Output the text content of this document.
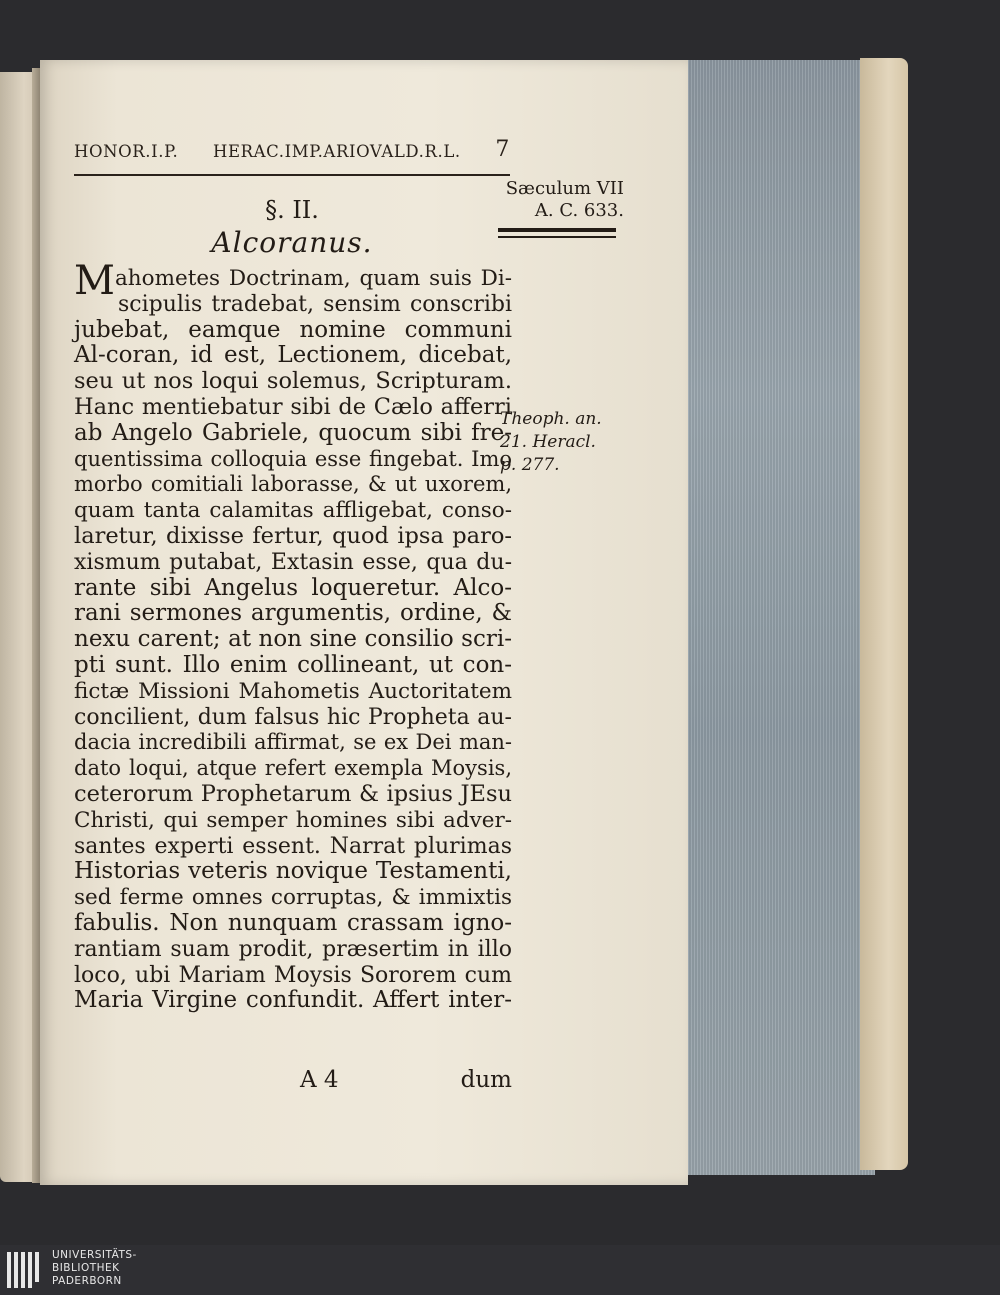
HONOR.I.P. HERAC.IMP.ARIOVALD.R.L. 7
§. II.
Alcoranus.
Sæculum VII
A. C. 633.
Theoph. an.
21. Heracl.
p. 277.
Mahometes Doctrinam, quam suis Di-
scipulis tradebat, sensim conscribi
jubebat, eamque nomine communi
Al-coran, id est, Lectionem, dicebat,
seu ut nos loqui solemus, Scripturam.
Hanc mentiebatur sibi de Cælo afferri
ab Angelo Gabriele, quocum sibi fre-
quentissima colloquia esse fingebat. Imo
morbo comitiali laborasse, & ut uxorem,
quam tanta calamitas affligebat, conso-
laretur, dixisse fertur, quod ipsa paro-
xismum putabat, Extasin esse, qua du-
rante sibi Angelus loqueretur. Alco-
rani sermones argumentis, ordine, &
nexu carent; at non sine consilio scri-
pti sunt. Illo enim collineant, ut con-
fictæ Missioni Mahometis Auctoritatem
concilient, dum falsus hic Propheta au-
dacia incredibili affirmat, se ex Dei man-
dato loqui, atque refert exempla Moysis,
ceterorum Prophetarum & ipsius JEsu
Christi, qui semper homines sibi adver-
santes experti essent. Narrat plurimas
Historias veteris novique Testamenti,
sed ferme omnes corruptas, & immixtis
fabulis. Non nunquam crassam igno-
rantiam suam prodit, præsertim in illo
loco, ubi Mariam Moysis Sororem cum
Maria Virgine confundit. Affert inter-
A 4	dum
UNIVERSITÄTS-
BIBLIOTHEK
PADERBORN
